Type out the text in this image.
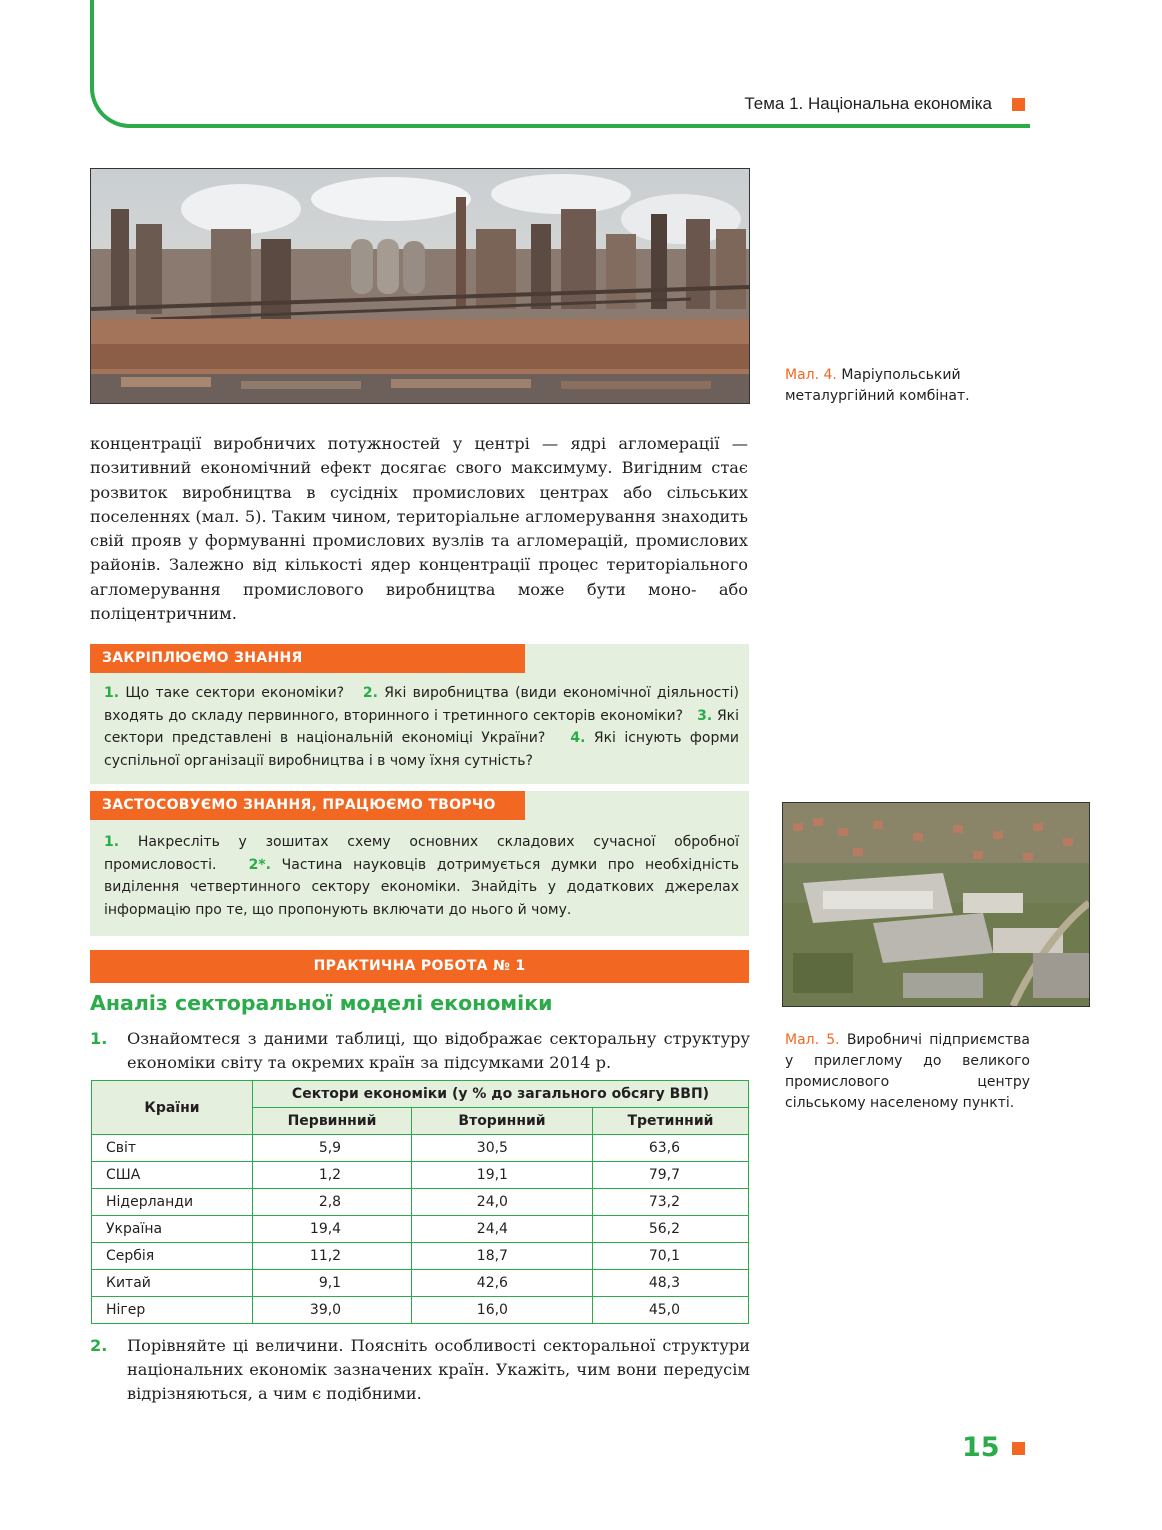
Тема 1. Національна економіка
Мал. 4. Маріупольський металургійний комбінат.

концентрації виробничих потужностей у центрі — ядрі агломерації — позитивний економічний ефект досягає свого максимуму. Вигідним стає розвиток виробництва в сусідніх промислових центрах або сільських поселеннях (мал. 5). Таким чином, територіальне агломерування знаходить свій прояв у формуванні промислових вузлів та агломерацій, промислових районів. Залежно від кількості ядер концентрації процес територіального агломерування промислового виробництва може бути моно- або поліцентричним.

ЗАКРІПЛЮЄМО ЗНАННЯ

1. Що таке сектори економіки? 2. Які виробництва (види економічної діяльності) входять до складу первинного, вторинного і третинного секторів економіки? 3. Які сектори представлені в національній економіці України? 4. Які існують форми суспільної організації виробництва і в чому їхня сутність?

ЗАСТОСОВУЄМО ЗНАННЯ, ПРАЦЮЄМО ТВОРЧО

1. Накресліть у зошитах схему основних складових сучасної обробної промисловості. 2*. Частина науковців дотримується думки про необхідність виділення четвертинного сектору економіки. Знайдіть у додаткових джерелах інформацію про те, що пропонують включати до нього й чому.

Мал. 5. Виробничі підприємства у прилеглому до великого промислового центру сільському населеному пункті.
ПРАКТИЧНА РОБОТА № 1
Аналіз секторальної моделі економіки
1. Ознайомтеся з даними таблиці, що відображає секторальну структуру економіки світу та окремих країн за підсумками 2014 р.
Країни	Сектори економіки (у % до загального обсягу ВВП)		
	Первинний	Вторинний	Третинний
Світ	5,9	30,5	63,6
США	1,2	19,1	79,7
Нідерланди	2,8	24,0	73,2
Україна	19,4	24,4	56,2
Сербія	11,2	18,7	70,1
Китай	9,1	42,6	48,3
Нігер	39,0	16,0	45,0
2. Порівняйте ці величини. Поясніть особливості секторальної структури національних економік зазначених країн. Укажіть, чим вони передусім відрізняються, а чим є подібними.
15
